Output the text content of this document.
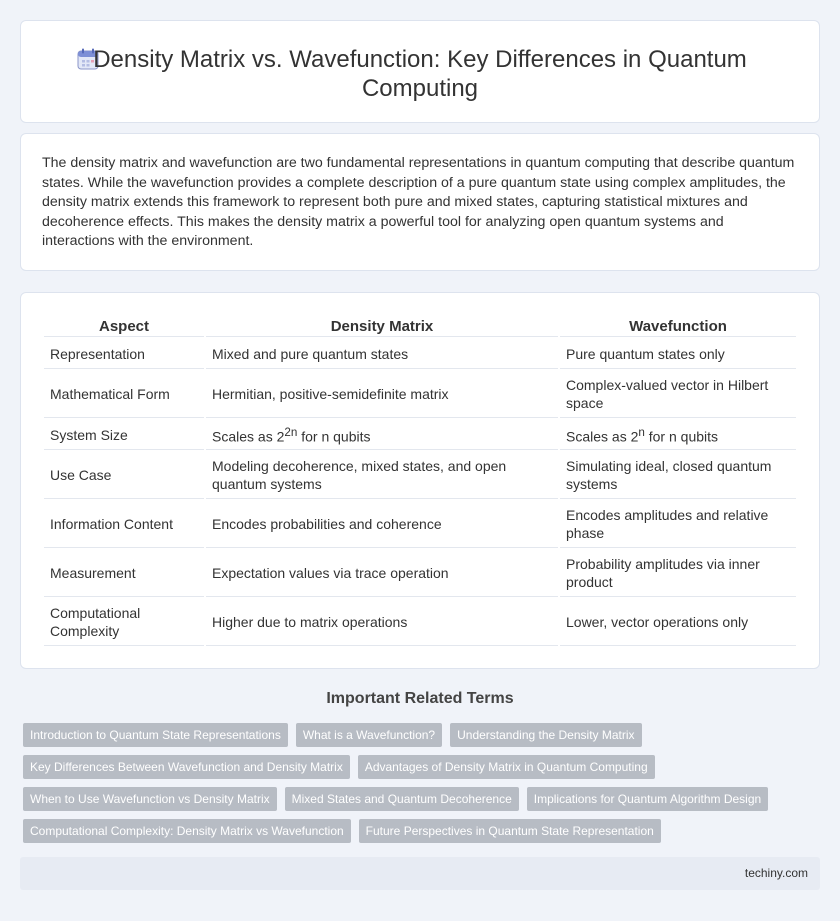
Density Matrix vs. Wavefunction: Key Differences in Quantum Computing

The density matrix and wavefunction are two fundamental representations in quantum computing that describe quantum states. While the wavefunction provides a complete description of a pure quantum state using complex amplitudes, the density matrix extends this framework to represent both pure and mixed states, capturing statistical mixtures and decoherence effects. This makes the density matrix a powerful tool for analyzing open quantum systems and interactions with the environment.

Aspect	Density Matrix	Wavefunction
Representation	Mixed and pure quantum states	Pure quantum states only
Mathematical Form	Hermitian, positive-semidefinite matrix	Complex-valued vector in Hilbert space
System Size	Scales as $2^{2n}$ for n qubits	Scales as 2$^n$ for n qubits
Use Case	Modeling decoherence, mixed states, and open quantum systems	Simulating ideal, closed quantum systems
Information Content	Encodes probabilities and coherence	Encodes amplitudes and relative phase
Measurement	Expectation values via trace operation	Probability amplitudes via inner product
Computational Complexity	Higher due to matrix operations	Lower, vector operations only
Important Related Terms
Introduction to Quantum State Representations	What is a Wavefunction?	Understanding the Density Matrix
Key Differences Between Wavefunction and Density Matrix	Advantages of Density Matrix in Quantum Computing
When to Use Wavefunction vs Density Matrix	Mixed States and Quantum Decoherence	Implications for Quantum Algorithm Design
Computational Complexity: Density Matrix vs Wavefunction	Future Perspectives in Quantum State Representation
techiny.com
